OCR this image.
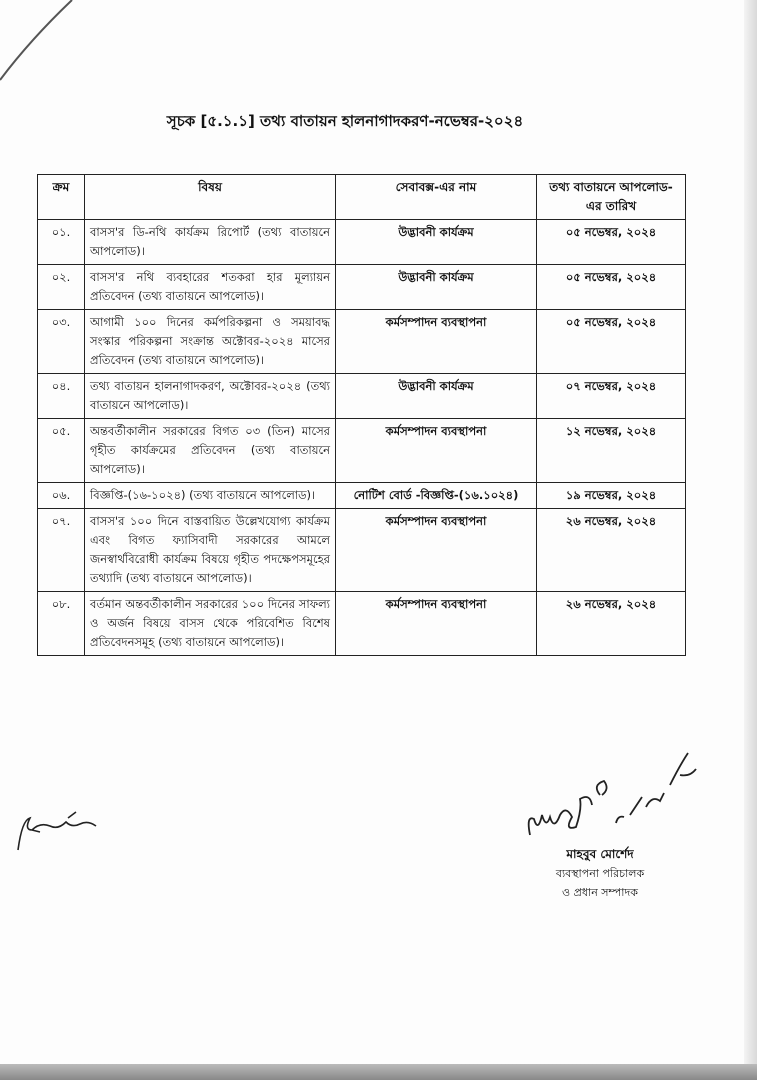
সূচক [৫.১.১] তথ্য বাতায়ন হালনাগাদকরণ-নভেম্বর-২০২৪
ক্রম	বিষয়	সেবাবক্স-এর নাম	তথ্য বাতায়নে আপলোড-এর তারিখ
০১.	বাসস'র ডি-নথি কার্যক্রম রিপোর্ট (তথ্য বাতায়নে আপলোড)।	উদ্ভাবনী কার্যক্রম	০৫ নভেম্বর, ২০২৪
০২.	বাসস'র নথি ব্যবহারের শতকরা হার মূল্যায়ন প্রতিবেদন (তথ্য বাতায়নে আপলোড)।	উদ্ভাবনী কার্যক্রম	০৫ নভেম্বর, ২০২৪
০৩.	আগামী ১০০ দিনের কর্মপরিকল্পনা ও সময়াবদ্ধ সংস্কার পরিকল্পনা সংক্রান্ত অক্টোবর-২০২৪ মাসের প্রতিবেদন (তথ্য বাতায়নে আপলোড)।	কর্মসম্পাদন ব্যবস্থাপনা	০৫ নভেম্বর, ২০২৪
০৪.	তথ্য বাতায়ন হালনাগাদকরণ, অক্টোবর-২০২৪ (তথ্য বাতায়নে আপলোড)।	উদ্ভাবনী কার্যক্রম	০৭ নভেম্বর, ২০২৪
০৫.	অন্তবর্তীকালীন সরকারের বিগত ০৩ (তিন) মাসের গৃহীত কার্যক্রমের প্রতিবেদন (তথ্য বাতায়নে আপলোড)।	কর্মসম্পাদন ব্যবস্থাপনা	১২ নভেম্বর, ২০২৪
০৬.	বিজ্ঞপ্তি-(১৬-১০২৪) (তথ্য বাতায়নে আপলোড)।	নোটিশ বোর্ড -বিজ্ঞপ্তি-(১৬.১০২৪)	১৯ নভেম্বর, ২০২৪
০৭.	বাসস'র ১০০ দিনে বাস্তবায়িত উল্লেখযোগ্য কার্যক্রম এবং বিগত ফ্যাসিবাদী সরকারের আমলে জনস্বার্থবিরোধী কার্যক্রম বিষয়ে গৃহীত পদক্ষেপসমূহের তথ্যাদি (তথ্য বাতায়নে আপলোড)।	কর্মসম্পাদন ব্যবস্থাপনা	২৬ নভেম্বর, ২০২৪
০৮.	বর্তমান অন্তবর্তীকালীন সরকারের ১০০ দিনের সাফল্য ও অর্জন বিষয়ে বাসস থেকে পরিবেশিত বিশেষ প্রতিবেদনসমূহ (তথ্য বাতায়নে আপলোড)।	কর্মসম্পাদন ব্যবস্থাপনা	২৬ নভেম্বর, ২০২৪
মাহবুব মোর্শেদ
ব্যবস্থাপনা পরিচালক
ও প্রধান সম্পাদক
